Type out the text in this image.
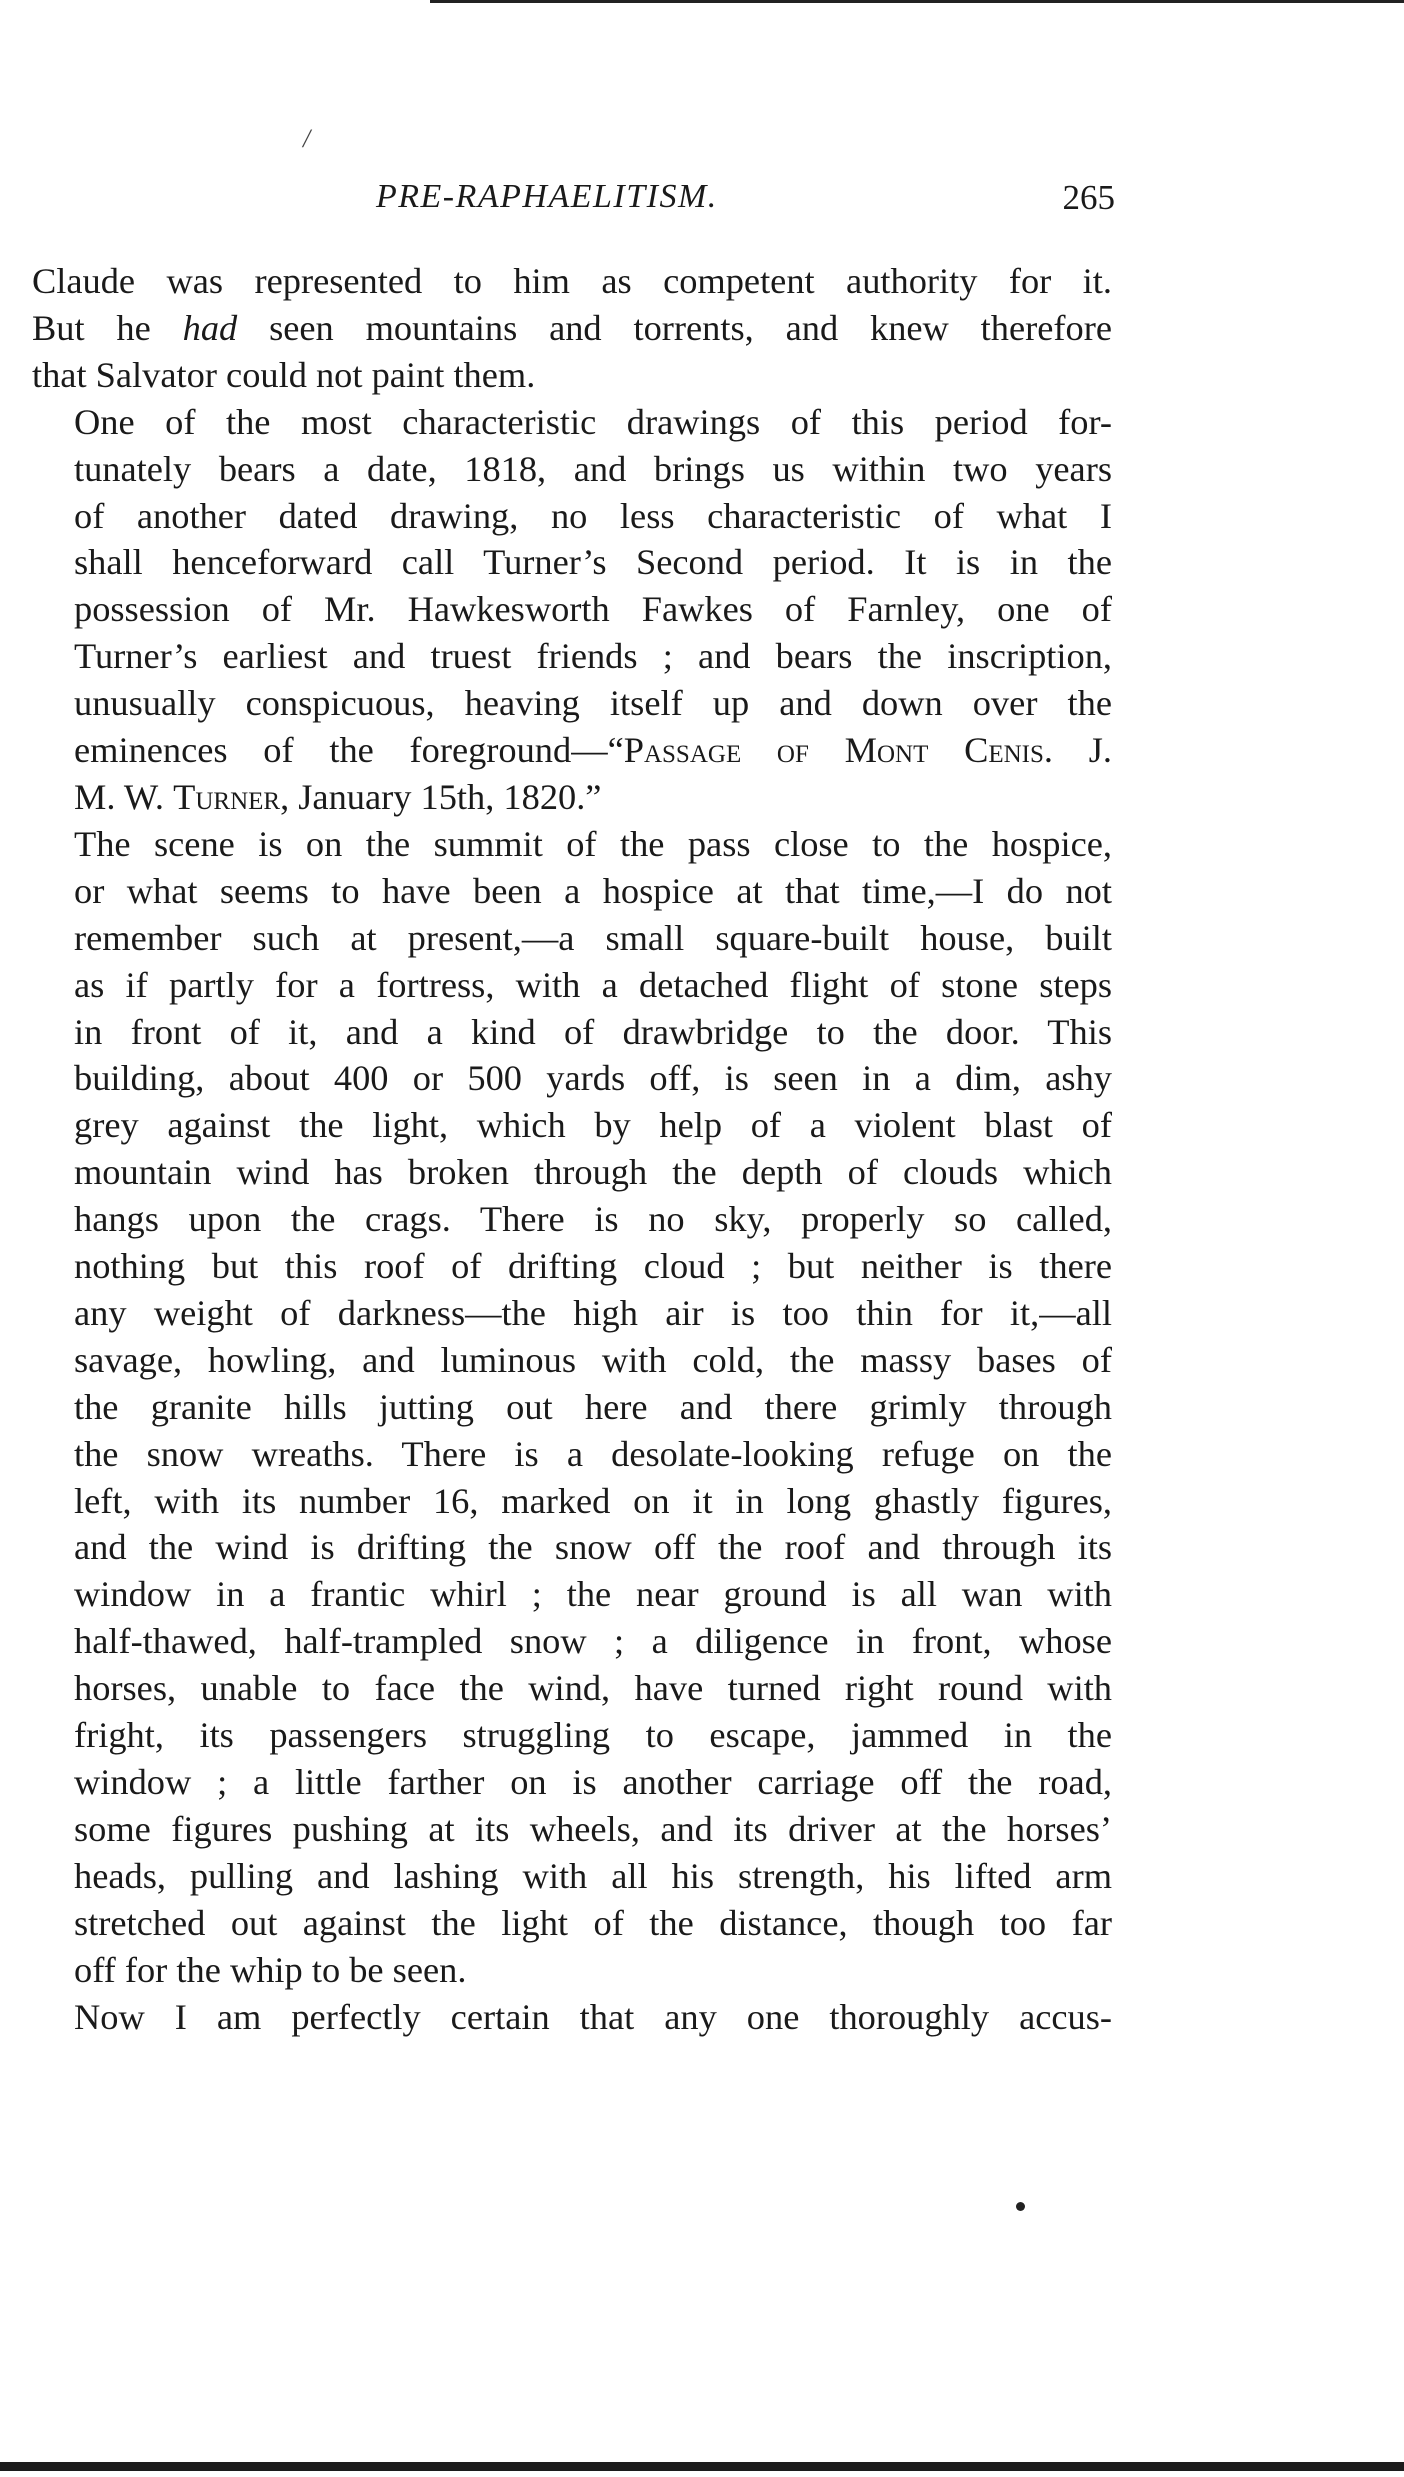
/
PRE-RAPHAELITISM.	265

Claude was represented to him as competent authority for it.
But he had seen mountains and torrents, and knew therefore
that Salvator could not paint them.

One of the most characteristic drawings of this period for-
tunately bears a date, 1818, and brings us within two years
of another dated drawing, no less characteristic of what I
shall henceforward call Turner’s Second period. It is in the
possession of Mr. Hawkesworth Fawkes of Farnley, one of
Turner’s earliest and truest friends ; and bears the inscription,
unusually conspicuous, heaving itself up and down over the
eminences of the foreground—“Passage of Mont Cenis. J.
M. W. Turner, January 15th, 1820.”

The scene is on the summit of the pass close to the hospice,
or what seems to have been a hospice at that time,—I do not
remember such at present,—a small square-built house, built
as if partly for a fortress, with a detached flight of stone steps
in front of it, and a kind of drawbridge to the door. This
building, about 400 or 500 yards off, is seen in a dim, ashy
grey against the light, which by help of a violent blast of
mountain wind has broken through the depth of clouds which
hangs upon the crags. There is no sky, properly so called,
nothing but this roof of drifting cloud ; but neither is there
any weight of darkness—the high air is too thin for it,—all
savage, howling, and luminous with cold, the massy bases of
the granite hills jutting out here and there grimly through
the snow wreaths. There is a desolate-looking refuge on the
left, with its number 16, marked on it in long ghastly figures,
and the wind is drifting the snow off the roof and through its
window in a frantic whirl ; the near ground is all wan with
half-thawed, half-trampled snow ; a diligence in front, whose
horses, unable to face the wind, have turned right round with
fright, its passengers struggling to escape, jammed in the
window ; a little farther on is another carriage off the road,
some figures pushing at its wheels, and its driver at the horses’
heads, pulling and lashing with all his strength, his lifted arm
stretched out against the light of the distance, though too far
off for the whip to be seen.

Now I am perfectly certain that any one thoroughly accus-
